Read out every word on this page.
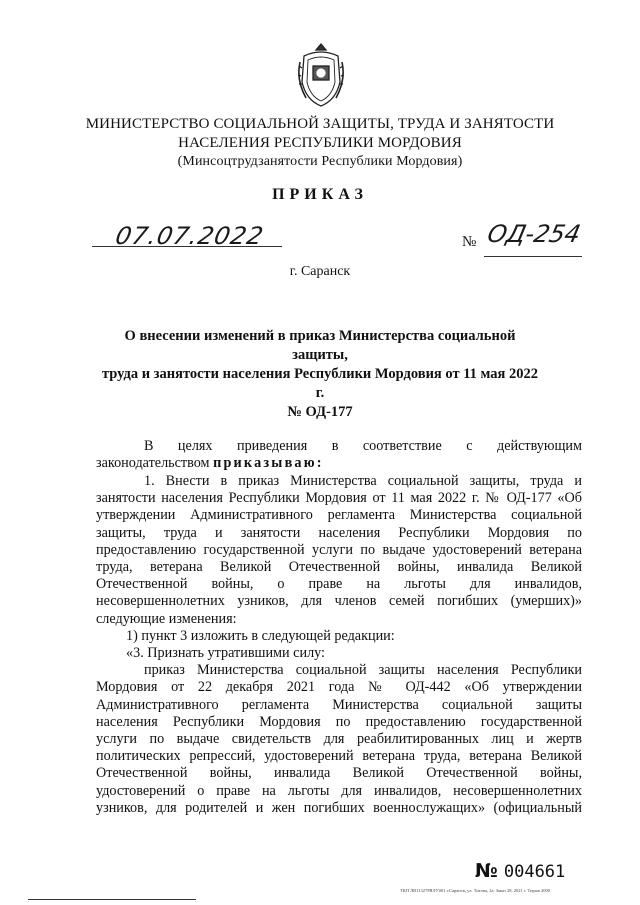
МИНИСТЕРСТВО СОЦИАЛЬНОЙ ЗАЩИТЫ, ТРУДА И ЗАНЯТОСТИ
НАСЕЛЕНИЯ РЕСПУБЛИКИ МОРДОВИЯ
(Минсоцтрудзанятости Республики Мордовия)
ПРИКАЗ
07.07.2022	№ ОД-254
г. Саранск
О внесении изменений в приказ Министерства социальной защиты,
труда и занятости населения Республики Мордовия от 11 мая 2022 г.
№ ОД-177

В целях приведения в соответствие с действующим

законодательством приказываю:

1. Внести в приказ Министерства социальной защиты, труда и

занятости населения Республики Мордовия от 11 мая 2022 г. № ОД-177 «Об

утверждении Административного регламента Министерства социальной

защиты, труда и занятости населения Республики Мордовия по

предоставлению государственной услуги по выдаче удостоверений ветерана

труда, ветерана Великой Отечественной войны, инвалида Великой

Отечественной войны, о праве на льготы для инвалидов,

несовершеннолетних узников, для членов семей погибших (умерших)»

следующие изменения:

1) пункт 3 изложить в следующей редакции:

«3. Признать утратившими силу:

приказ Министерства социальной защиты населения Республики

Мордовия от 22 декабря 2021 года № ОД-442 «Об утверждении

Административного регламента Министерства социальной защиты

населения Республики Мордовия по предоставлению государственной

услуги по выдаче свидетельств для реабилитированных лиц и жертв

политических репрессий, удостоверений ветерана труда, ветерана Великой

Отечественной войны, инвалида Великой Отечественной войны,

удостоверений о праве на льготы для инвалидов, несовершеннолетних

узников, для родителей и жен погибших военнослужащих» (официальный

№ 004661
ТКП ЛВ11327РЯЛУ001 г.Саранск, ул. Титова, 2а. Заказ 28, 2021 г. Тираж 2000
